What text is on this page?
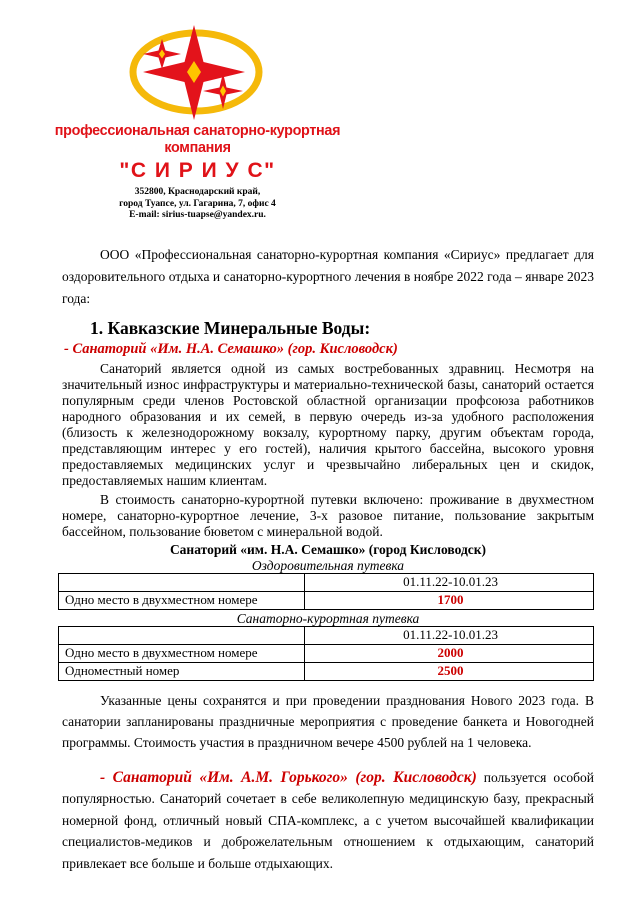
профессиональная санаторно-курортная компания
"С И Р И У С"
352800, Краснодарский край,
город Туапсе, ул. Гагарина, 7, офис 4
E-mail: sirius-tuapse@yandex.ru.

ООО «Профессиональная санаторно-курортная компания «Сириус» предлагает для оздоровительного отдыха и санаторно-курортного лечения в ноябре 2022 года – январе 2023 года:

1. Кавказские Минеральные Воды:
- Санаторий «Им. Н.А. Семашко» (гор. Кисловодск)

Санаторий является одной из самых востребованных здравниц. Несмотря на значительный износ инфраструктуры и материально-технической базы, санаторий остается популярным среди членов Ростовской областной организации профсоюза работников народного образования и их семей, в первую очередь из-за удобного расположения (близость к железнодорожному вокзалу, курортному парку, другим объектам города, представляющим интерес у его гостей), наличия крытого бассейна, высокого уровня предоставляемых медицинских услуг и чрезвычайно либеральных цен и скидок, предоставляемых нашим клиентам.

В стоимость санаторно-курортной путевки включено: проживание в двухместном номере, санаторно-курортное лечение, 3-х разовое питание, пользование закрытым бассейном, пользование бюветом с минеральной водой.

Санаторий «им. Н.А. Семашко» (город Кисловодск)
Оздоровительная путевка
	01.11.22-10.01.23
Одно место в двухместном номере	1700
Санаторно-курортная путевка
	01.11.22-10.01.23
Одно место в двухместном номере	2000
Одноместный номер	2500

Указанные цены сохранятся и при проведении празднования Нового 2023 года. В санатории запланированы праздничные мероприятия с проведение банкета и Новогодней программы. Стоимость участия в праздничном вечере 4500 рублей на 1 человека.

- Санаторий «Им. А.М. Горького» (гор. Кисловодск) пользуется особой популярностью. Санаторий сочетает в себе великолепную медицинскую базу, прекрасный номерной фонд, отличный новый СПА-комплекс, а с учетом высочайшей квалификации специалистов-медиков и доброжелательным отношением к отдыхающим, санаторий привлекает все больше и больше отдыхающих.
